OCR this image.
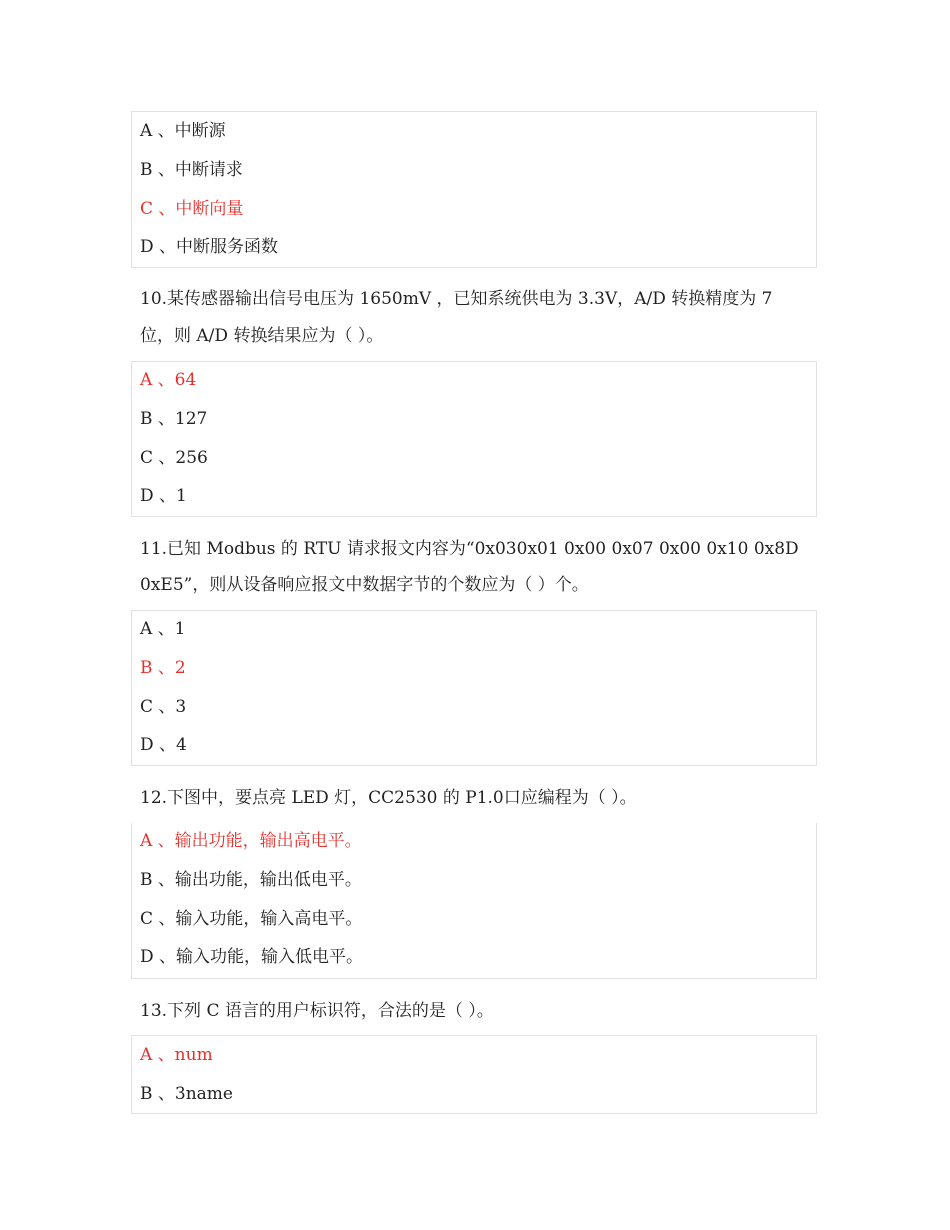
A 、中断源
B 、中断请求
C 、中断向量
D 、中断服务函数
10.某传感器输出信号电压为 1650mV ，已知系统供电为 3.3V，A/D 转换精度为 7
位，则 A/D 转换结果应为（ ）。
A 、64
B 、127
C 、256
D 、1
11.已知 Modbus 的 RTU 请求报文内容为“0x030x01 0x00 0x07 0x00 0x10 0x8D
0xE5”，则从设备响应报文中数据字节的个数应为（ ）个。
A 、1
B 、2
C 、3
D 、4
12.下图中，要点亮 LED 灯，CC2530 的 P1.0口应编程为（ ）。
A 、输出功能，输出高电平。
B 、输出功能，输出低电平。
C 、输入功能，输入高电平。
D 、输入功能，输入低电平。
13.下列 C 语言的用户标识符，合法的是（ ）。
A 、num
B 、3name
